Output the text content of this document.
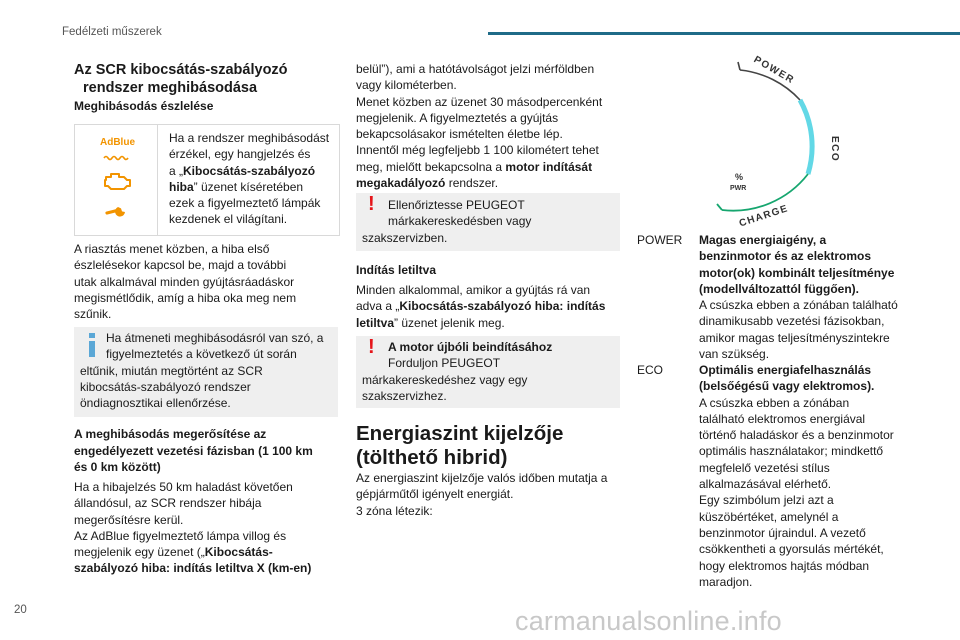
Fedélzeti műszerek
Az SCR kibocsátás-szabályozó
rendszer meghibásodása
Meghibásodás észlelése
AdBlue	Ha a rendszer meghibásodást
érzékel, egy hangjelzés és
a „Kibocsátás-szabályozó
hiba” üzenet kíséretében
ezek a figyelmeztető lámpák
kezdenek el világítani.

A riasztás menet közben, a hiba első
észlelésekor kapcsol be, majd a további
utak alkalmával minden gyújtásráadáskor
megismétlődik, amíg a hiba oka meg nem
szűnik.

Ha átmeneti meghibásodásról van szó, a
figyelmeztetés a következő út során
eltűnik, miután megtörtént az SCR
kibocsátás-szabályozó rendszer
öndiagnosztikai ellenőrzése.
A meghibásodás megerősítése az
engedélyezett vezetési fázisban (1 100 km
és 0 km között)

Ha a hibajelzés 50 km haladást követően
állandósul, az SCR rendszer hibája
megerősítésre kerül.
Az AdBlue figyelmeztető lámpa villog és
megjelenik egy üzenet („Kibocsátás-
szabályozó hiba: indítás letiltva X (km-en)

belül”), ami a hatótávolságot jelzi mérföldben
vagy kilométerben.
Menet közben az üzenet 30 másodpercenként
megjelenik. A figyelmeztetés a gyújtás
bekapcsolásakor ismételten életbe lép.
Innentől még legfeljebb 1 100 kilométert tehet
meg, mielőtt bekapcsolna a motor indítását
megakadályozó rendszer.

! Ellenőriztesse PEUGEOT
márkakereskedésben vagy
szakszervizben.
Indítás letiltva

Minden alkalommal, amikor a gyújtás rá van
adva a „Kibocsátás-szabályozó hiba: indítás
letiltva” üzenet jelenik meg.

! A motor újbóli beindításához
Forduljon PEUGEOT
márkakereskedéshez vagy egy
szakszervizhez.
Energiaszint kijelzője
(tölthető hibrid)

Az energiaszint kijelzője valós időben mutatja a
gépjárműtől igényelt energiát.
3 zóna létezik:

POWER
ECO
CHARGE
%
PWR
POWER Magas energiaigény, a
benzinmotor és az elektromos
motor(ok) kombinált teljesítménye
(modellváltozattól függően).
A csúszka ebben a zónában található
dinamikusabb vezetési fázisokban,
amikor magas teljesítményszintekre
van szükség.
ECO	Optimális energiafelhasználás
(belsőégésű vagy elektromos).
A csúszka ebben a zónában
található elektromos energiával
történő haladáskor és a benzinmotor
optimális használatakor; mindkettő
megfelelő vezetési stílus
alkalmazásával elérhető.
Egy szimbólum jelzi azt a
küszöbértéket, amelynél a
benzinmotor újraindul. A vezető
csökkentheti a gyorsulás mértékét,
hogy elektromos hajtás módban
maradjon.
20	carmanualsonline.info
